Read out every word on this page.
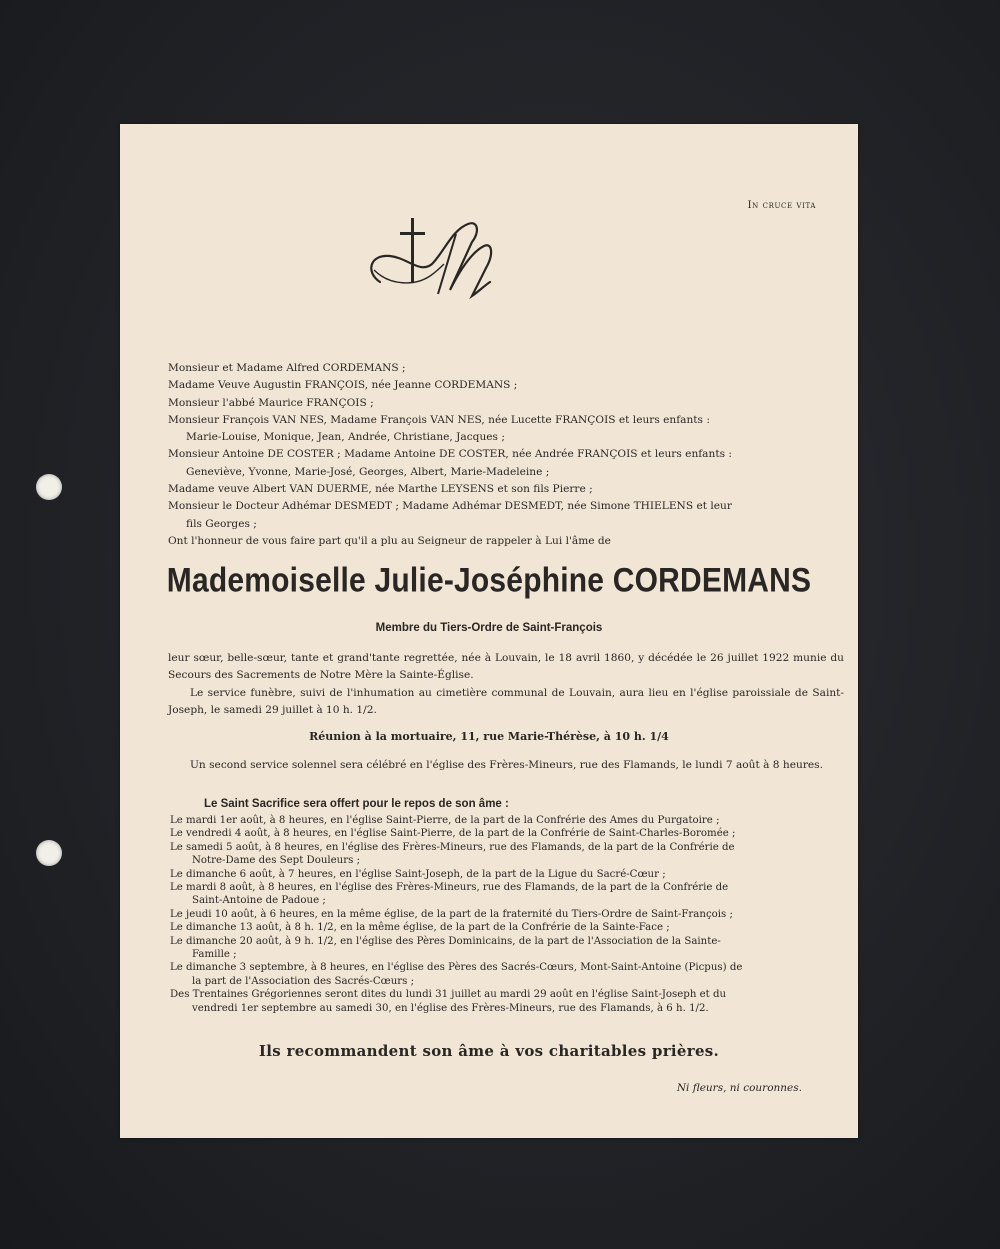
In cruce vita
Monsieur et Madame Alfred CORDEMANS ;
Madame Veuve Augustin FRANÇOIS, née Jeanne CORDEMANS ;
Monsieur l'abbé Maurice FRANÇOIS ;
Monsieur François VAN NES, Madame François VAN NES, née Lucette FRANÇOIS et leurs enfants :
Marie-Louise, Monique, Jean, Andrée, Christiane, Jacques ;
Monsieur Antoine DE COSTER ; Madame Antoine DE COSTER, née Andrée FRANÇOIS et leurs enfants :
Geneviève, Yvonne, Marie-José, Georges, Albert, Marie-Madeleine ;
Madame veuve Albert VAN DUERME, née Marthe LEYSENS et son fils Pierre ;
Monsieur le Docteur Adhémar DESMEDT ; Madame Adhémar DESMEDT, née Simone THIELENS et leur
fils Georges ;
Ont l'honneur de vous faire part qu'il a plu au Seigneur de rappeler à Lui l'âme de
Mademoiselle Julie-Joséphine CORDEMANS
Membre du Tiers-Ordre de Saint-François

leur sœur, belle-sœur, tante et grand'tante regrettée, née à Louvain, le 18 avril 1860, y décédée le 26 juillet 1922 munie du Secours des Sacrements de Notre Mère la Sainte-Église.

Le service funèbre, suivi de l'inhumation au cimetière communal de Louvain, aura lieu en l'église paroissiale de Saint-Joseph, le samedi 29 juillet à 10 h. 1/2.

Réunion à la mortuaire, 11, rue Marie-Thérèse, à 10 h. 1/4
Un second service solennel sera célébré en l'église des Frères-Mineurs, rue des Flamands, le lundi 7 août à 8 heures.
Le Saint Sacrifice sera offert pour le repos de son âme :
Le mardi 1er août, à 8 heures, en l'église Saint-Pierre, de la part de la Confrérie des Ames du Purgatoire ;
Le vendredi 4 août, à 8 heures, en l'église Saint-Pierre, de la part de la Confrérie de Saint-Charles-Boromée ;
Le samedi 5 août, à 8 heures, en l'église des Frères-Mineurs, rue des Flamands, de la part de la Confrérie de
Notre-Dame des Sept Douleurs ;
Le dimanche 6 août, à 7 heures, en l'église Saint-Joseph, de la part de la Ligue du Sacré-Cœur ;
Le mardi 8 août, à 8 heures, en l'église des Frères-Mineurs, rue des Flamands, de la part de la Confrérie de
Saint-Antoine de Padoue ;
Le jeudi 10 août, à 6 heures, en la même église, de la part de la fraternité du Tiers-Ordre de Saint-François ;
Le dimanche 13 août, à 8 h. 1/2, en la même église, de la part de la Confrérie de la Sainte-Face ;
Le dimanche 20 août, à 9 h. 1/2, en l'église des Pères Dominicains, de la part de l'Association de la Sainte-
Famille ;
Le dimanche 3 septembre, à 8 heures, en l'église des Pères des Sacrés-Cœurs, Mont-Saint-Antoine (Picpus) de
la part de l'Association des Sacrés-Cœurs ;
Des Trentaines Grégoriennes seront dites du lundi 31 juillet au mardi 29 août en l'église Saint-Joseph et du
vendredi 1er septembre au samedi 30, en l'église des Frères-Mineurs, rue des Flamands, à 6 h. 1/2.
Ils recommandent son âme à vos charitables prières.
Ni fleurs, ni couronnes.
